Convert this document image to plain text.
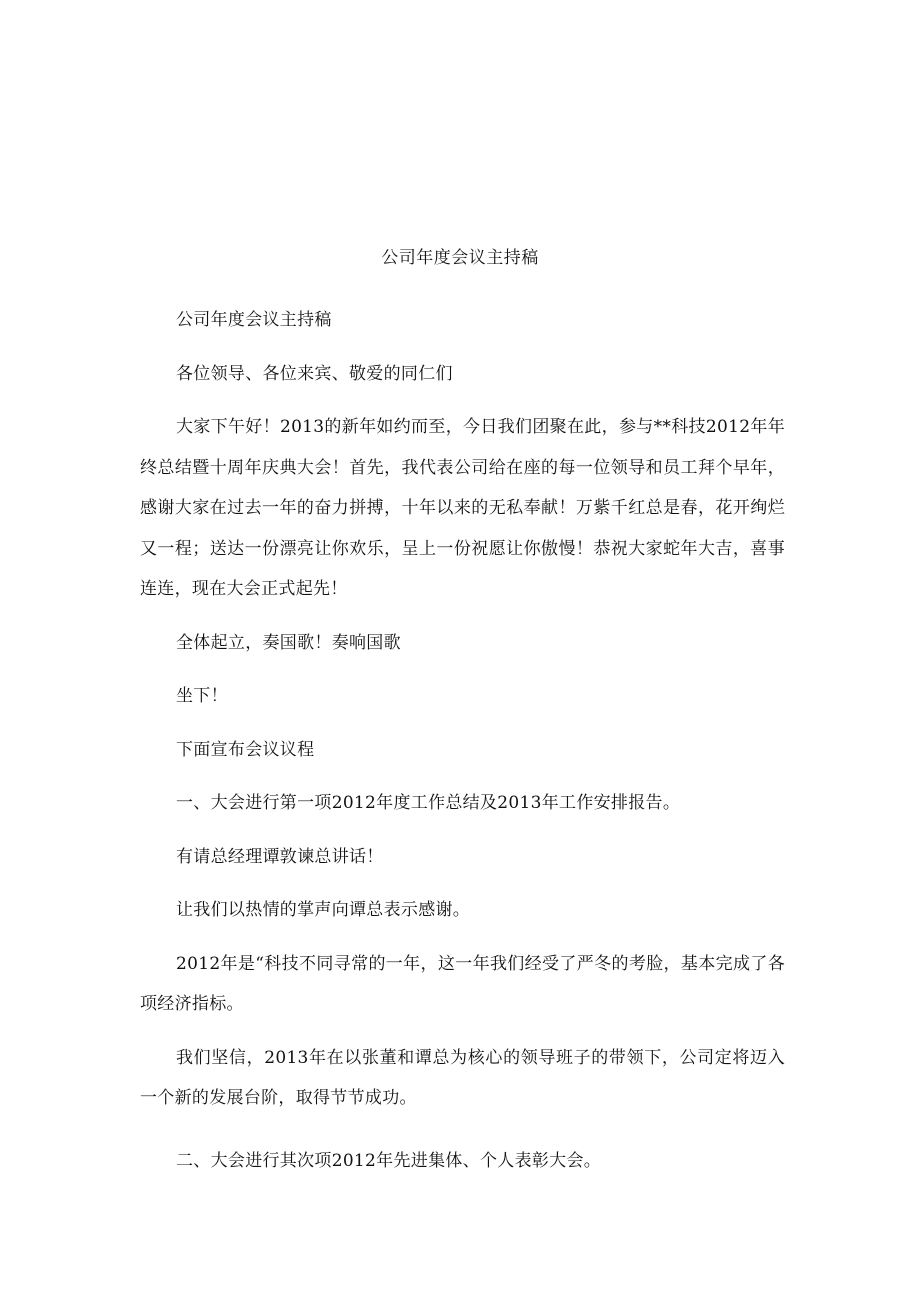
公司年度会议主持稿

公司年度会议主持稿

各位领导、各位来宾、敬爱的同仁们

大家下午好！2013的新年如约而至，今日我们团聚在此，参与**科技2012年年终总结暨十周年庆典大会！首先，我代表公司给在座的每一位领导和员工拜个早年，感谢大家在过去一年的奋力拼搏，十年以来的无私奉献！万紫千红总是春，花开绚烂又一程；送达一份漂亮让你欢乐，呈上一份祝愿让你傲慢！恭祝大家蛇年大吉，喜事连连，现在大会正式起先！

全体起立，奏国歌！奏响国歌

坐下！

下面宣布会议议程

一、大会进行第一项2012年度工作总结及2013年工作安排报告。

有请总经理谭敦谏总讲话！

让我们以热情的掌声向谭总表示感谢。

2012年是“科技不同寻常的一年，这一年我们经受了严冬的考脸，基本完成了各项经济指标。

我们坚信，2013年在以张董和谭总为核心的领导班子的带领下，公司定将迈入一个新的发展台阶，取得节节成功。

二、大会进行其次项2012年先进集体、个人表彰大会。
